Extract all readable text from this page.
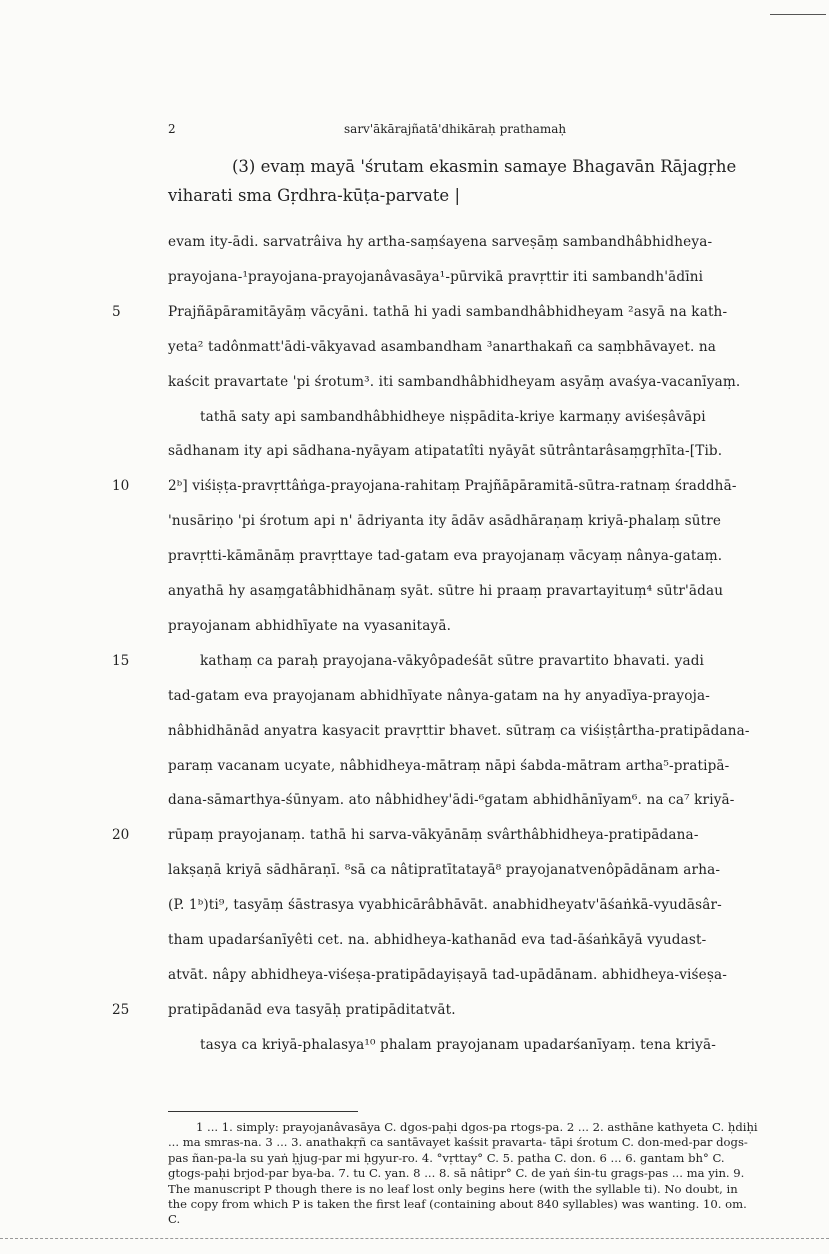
2	sarv'ākārajñatā'dhikāraḥ prathamaḥ
(3) evaṃ mayā 'śrutam ekasmin samaye Bhagavān Rājagṛhe
viharati sma Gṛdhra-kūṭa-parvate |
evam ity-ādi. sarvatrâiva hy artha-saṃśayena sarveṣāṃ sambandhâbhidheya-
prayojana-¹prayojana-prayojanâvasāya¹-pūrvikā pravṛttir iti sambandh'ādīni
Prajñāpāramitāyāṃ vācyāni. tathā hi yadi sambandhâbhidheyam ²asyā na kath-
yeta² tadônmatt'ādi-vākyavad asambandham ³anarthakañ ca saṃbhāvayet. na
kaścit pravartate 'pi śrotum³. iti sambandhâbhidheyam asyāṃ avaśya-vacanīyaṃ.
tathā saty api sambandhâbhidheye niṣpādita-kriye karmaṇy aviśeṣâvāpi
sādhanam ity api sādhana-nyāyam atipatatîti nyāyāt sūtrântarâsaṃgṛhīta-[Tib.
2ᵇ] viśiṣṭa-pravṛttâṅga-prayojana-rahitaṃ Prajñāpāramitā-sūtra-ratnaṃ śraddhā-
'nusāriṇo 'pi śrotum api n' ādriyanta ity ādāv asādhāraṇaṃ kriyā-phalaṃ sūtre
pravṛtti-kāmānāṃ pravṛttaye tad-gatam eva prayojanaṃ vācyaṃ nânya-gataṃ.
anyathā hy asaṃgatâbhidhānaṃ syāt. sūtre hi praaṃ pravartayituṃ⁴ sūtr'ādau
prayojanam abhidhīyate na vyasanitayā.
kathaṃ ca paraḥ prayojana-vākyôpadeśāt sūtre pravartito bhavati. yadi
tad-gatam eva prayojanam abhidhīyate nânya-gatam na hy anyadīya-prayoja-
nâbhidhānād anyatra kasyacit pravṛttir bhavet. sūtraṃ ca viśiṣṭârtha-pratipādana-
paraṃ vacanam ucyate, nâbhidheya-mātraṃ nāpi śabda-mātram artha⁵-pratipā-
dana-sāmarthya-śūnyam. ato nâbhidhey'ādi-⁶gatam abhidhānīyam⁶. na ca⁷ kriyā-
rūpaṃ prayojanaṃ. tathā hi sarva-vākyānāṃ svârthâbhidheya-pratipādana-
lakṣaṇā kriyā sādhāraṇī. ⁸sā ca nâtipratītatayā⁸ prayojanatvenôpādānam arha-
(P. 1ᵇ)ti⁹, tasyāṃ śāstrasya vyabhicārâbhāvāt. anabhidheyatv'āśaṅkā-vyudāsâr-
tham upadarśanīyêti cet. na. abhidheya-kathanād eva tad-āśaṅkāyā vyudast-
atvāt. nâpy abhidheya-viśeṣa-pratipādayiṣayā tad-upādānam. abhidheya-viśeṣa-
pratipādanād eva tasyāḥ pratipāditatvāt.
tasya ca kriyā-phalasya¹⁰ phalam prayojanam upadarśanīyaṃ. tena kriyā-
5
10
15
20
25

1 ... 1. simply: prayojanâvasāya C. dgos-paḥi dgos-pa rtogs-pa. 2 ... 2. asthāne kathyeta C. ḥdiḥi ... ma smras-na. 3 ... 3. anathakṛñ ca santāvayet kaśsit pravarta- tāpi śrotum C. don-med-par dogs-pas ñan-pa-la su yaṅ ḥjug-par mi ḥgyur-ro. 4. °vṛttay° C. 5. patha C. don. 6 ... 6. gantam bh° C. gtogs-paḥi brjod-par bya-ba. 7. tu C. yan. 8 ... 8. sā nâtipr° C. de yaṅ śin-tu grags-pas ... ma yin. 9. The manuscript P though there is no leaf lost only begins here (with the syllable ti). No doubt, in the copy from which P is taken the first leaf (containing about 840 syllables) was wanting. 10. om. C.
